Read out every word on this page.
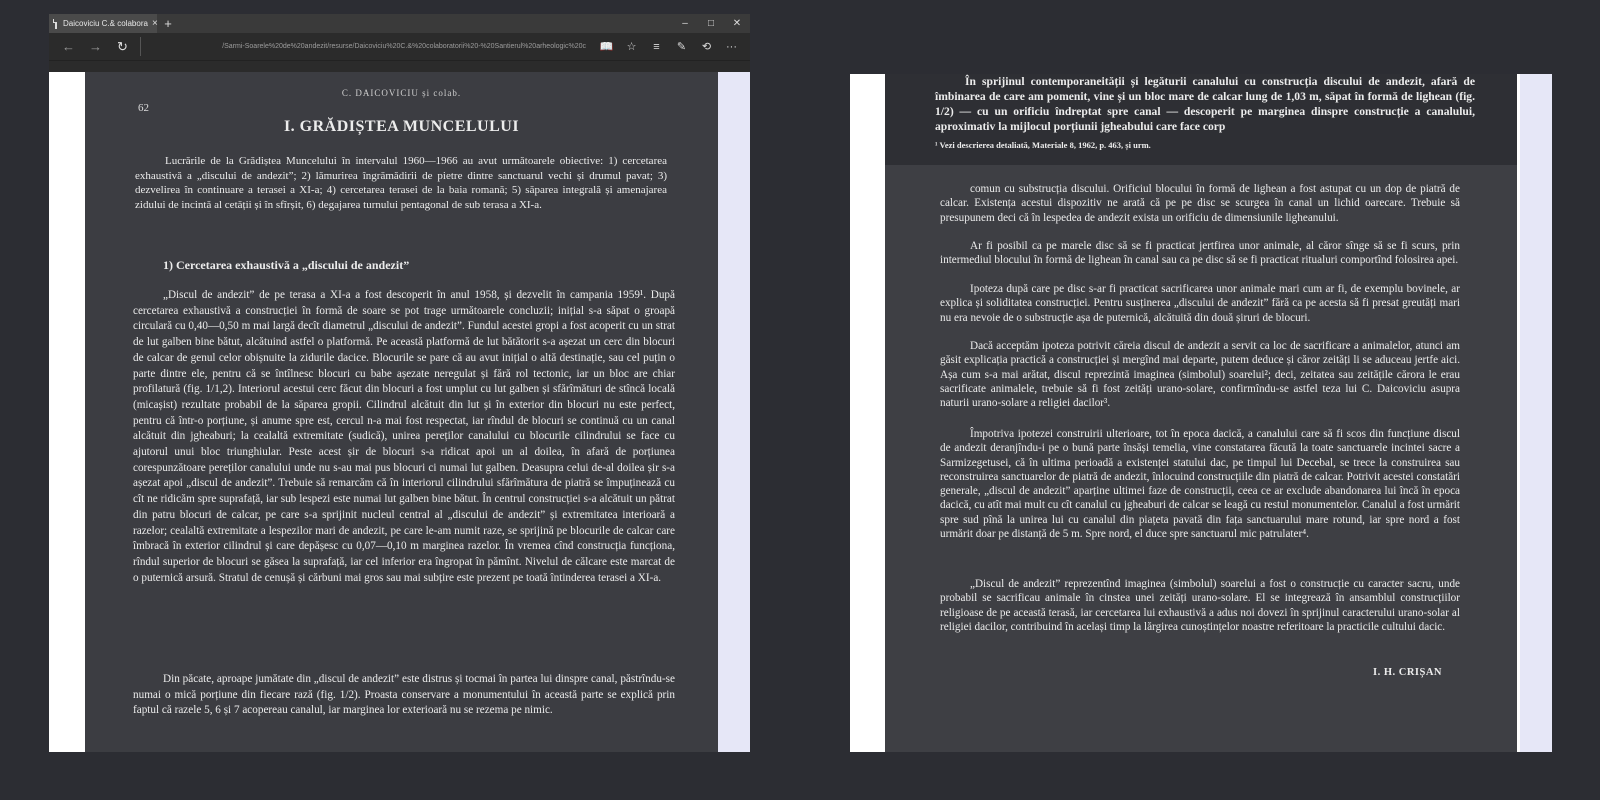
Daicoviciu C.& colabora × +	–	□	✕
←	→	↻	/Sarmi-Soarele%20de%20andezit/resurse/Daicoviciu%20C.&%20colaboratorii%20-%20Santierul%20arheologic%20c	📖	☆	≡	✎	⟲	···
C. DAICOVICIU și colab.
62
I. GRĂDIȘTEA MUNCELULUI
Lucrările de la Grădiștea Muncelului în intervalul 1960—1966 au avut următoarele obiective: 1) cercetarea exhaustivă a „discului de andezit”; 2) lămurirea îngrămădirii de pietre dintre sanctuarul vechi și drumul pavat; 3) dezvelirea în continuare a terasei a XI-a; 4) cercetarea terasei de la baia romană; 5) săparea integrală și amenajarea zidului de incintă al cetății și în sfîrșit, 6) degajarea turnului pentagonal de sub terasa a XI-a.
1) Cercetarea exhaustivă a „discului de andezit”
„Discul de andezit” de pe terasa a XI-a a fost descoperit în anul 1958, și dezvelit în campania 1959¹. După cercetarea exhaustivă a construcției în formă de soare se pot trage următoarele concluzii; inițial s-a săpat o groapă circulară cu 0,40—0,50 m mai largă decît diametrul „discului de andezit”. Fundul acestei gropi a fost acoperit cu un strat de lut galben bine bătut, alcătuind astfel o platformă. Pe această platformă de lut bătătorit s-a așezat un cerc din blocuri de calcar de genul celor obișnuite la zidurile dacice. Blocurile se pare că au avut inițial o altă destinație, sau cel puțin o parte dintre ele, pentru că se întîlnesc blocuri cu babe așezate neregulat și fără rol tectonic, iar un bloc are chiar profilatură (fig. 1/1,2). Interiorul acestui cerc făcut din blocuri a fost umplut cu lut galben și sfărîmături de stîncă locală (micașist) rezultate probabil de la săparea gropii. Cilindrul alcătuit din lut și în exterior din blocuri nu este perfect, pentru că într-o porțiune, și anume spre est, cercul n-a mai fost respectat, iar rîndul de blocuri se continuă cu un canal alcătuit din jgheaburi; la cealaltă extremitate (sudică), unirea pereților canalului cu blocurile cilindrului se face cu ajutorul unui bloc triunghiular. Peste acest șir de blocuri s-a ridicat apoi un al doilea, în afară de porțiunea corespunzătoare pereților canalului unde nu s-au mai pus blocuri ci numai lut galben. Deasupra celui de-al doilea șir s-a așezat apoi „discul de andezit”. Trebuie să remarcăm că în interiorul cilindrului sfărîmătura de piatră se împuținează cu cît ne ridicăm spre suprafață, iar sub lespezi este numai lut galben bine bătut. În centrul construcției s-a alcătuit un pătrat din patru blocuri de calcar, pe care s-a sprijinit nucleul central al „discului de andezit” și extremitatea interioară a razelor; cealaltă extremitate a lespezilor mari de andezit, pe care le-am numit raze, se sprijină pe blocurile de calcar care îmbracă în exterior cilindrul și care depășesc cu 0,07—0,10 m marginea razelor. În vremea cînd construcția funcționa, rîndul superior de blocuri se găsea la suprafață, iar cel inferior era îngropat în pămînt. Nivelul de călcare este marcat de o puternică arsură. Stratul de cenușă și cărbuni mai gros sau mai subțire este prezent pe toată întinderea terasei a XI-a.
Din păcate, aproape jumătate din „discul de andezit” este distrus și tocmai în partea lui dinspre canal, păstrîndu-se numai o mică porțiune din fiecare rază (fig. 1/2). Proasta conservare a monumentului în această parte se explică prin faptul că razele 5, 6 și 7 acopereau canalul, iar marginea lor exterioară nu se rezema pe nimic.
În sprijinul contemporaneității și legăturii canalului cu construcția discului de andezit, afară de îmbinarea de care am pomenit, vine și un bloc mare de calcar lung de 1,03 m, săpat în formă de lighean (fig. 1/2) — cu un orificiu îndreptat spre canal — descoperit pe marginea dinspre construcție a canalului, aproximativ la mijlocul porțiunii jgheabului care face corp
¹ Vezi descrierea detaliată, Materiale 8, 1962, p. 463, și urm.
comun cu substrucția discului. Orificiul blocului în formă de lighean a fost astupat cu un dop de piatră de calcar. Existența acestui dispozitiv ne arată că pe pe disc se scurgea în canal un lichid oarecare. Trebuie să presupunem deci că în lespedea de andezit exista un orificiu de dimensiunile ligheanului.
Ar fi posibil ca pe marele disc să se fi practicat jertfirea unor animale, al căror sînge să se fi scurs, prin intermediul blocului în formă de lighean în canal sau ca pe disc să se fi practicat ritualuri comportînd folosirea apei.
Ipoteza după care pe disc s-ar fi practicat sacrificarea unor animale mari cum ar fi, de exemplu bovinele, ar explica și soliditatea construcției. Pentru susținerea „discului de andezit” fără ca pe acesta să fi presat greutăți mari nu era nevoie de o substrucție așa de puternică, alcătuită din două șiruri de blocuri.
Dacă acceptăm ipoteza potrivit căreia discul de andezit a servit ca loc de sacrificare a animalelor, atunci am găsit explicația practică a construcției și mergînd mai departe, putem deduce și căror zeități li se aduceau jertfe aici. Așa cum s-a mai arătat, discul reprezintă imaginea (simbolul) soarelui²; deci, zeitatea sau zeitățile cărora le erau sacrificate animalele, trebuie să fi fost zeități urano-solare, confirmîndu-se astfel teza lui C. Daicoviciu asupra naturii urano-solare a religiei dacilor³.
Împotriva ipotezei construirii ulterioare, tot în epoca dacică, a canalului care să fi scos din funcțiune discul de andezit deranjîndu-i pe o bună parte însăși temelia, vine constatarea făcută la toate sanctuarele incintei sacre a Sarmizegetusei, că în ultima perioadă a existenței statului dac, pe timpul lui Decebal, se trece la construirea sau reconstruirea sanctuarelor de piatră de andezit, înlocuind construcțiile din piatră de calcar. Potrivit acestei constatări generale, „discul de andezit” aparține ultimei faze de construcții, ceea ce ar exclude abandonarea lui încă în epoca dacică, cu atît mai mult cu cît canalul cu jgheaburi de calcar se leagă cu restul monumentelor. Canalul a fost urmărit spre sud pînă la unirea lui cu canalul din piațeta pavată din fața sanctuarului mare rotund, iar spre nord a fost urmărit doar pe distanță de 5 m. Spre nord, el duce spre sanctuarul mic patrulater⁴.
„Discul de andezit” reprezentînd imaginea (simbolul) soarelui a fost o construcție cu caracter sacru, unde probabil se sacrificau animale în cinstea unei zeități urano-solare. El se integrează în ansamblul construcțiilor religioase de pe această terasă, iar cercetarea lui exhaustivă a adus noi dovezi în sprijinul caracterului urano-solar al religiei dacilor, contribuind în același timp la lărgirea cunoștințelor noastre referitoare la practicile cultului dacic.
I. H. CRIȘAN
